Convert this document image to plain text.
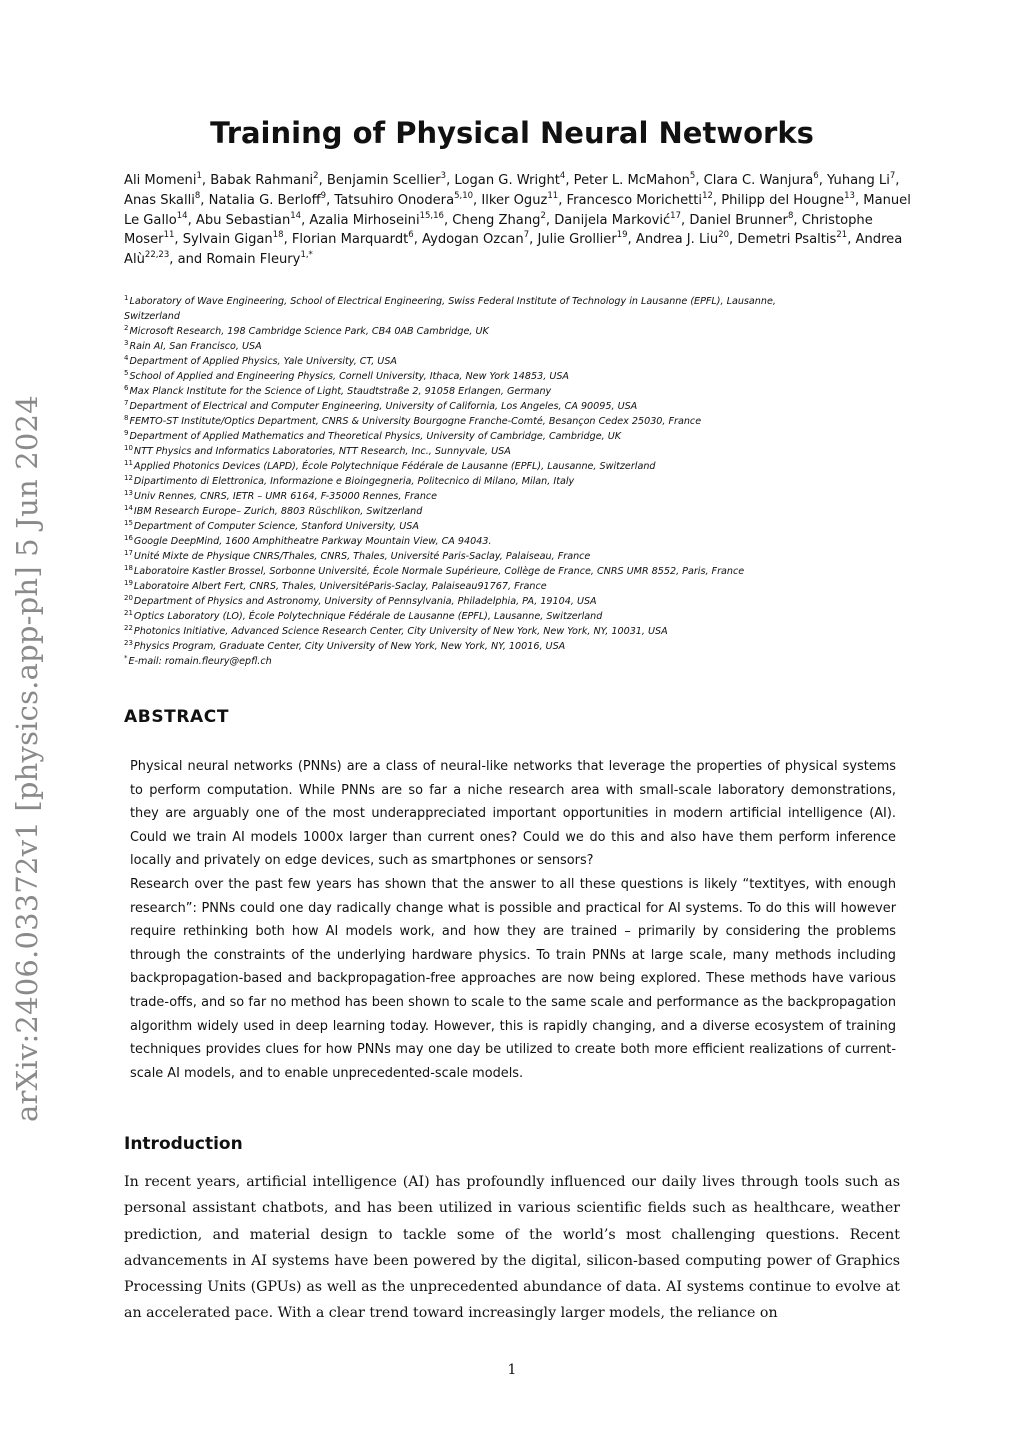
arXiv:2406.03372v1 [physics.app-ph] 5 Jun 2024
Training of Physical Neural Networks
Ali Momeni$^1$, Babak Rahmani$^2$, Benjamin Scellier$^3$, Logan G. Wright$^4$, Peter L. McMahon$^5$, Clara C. Wanjura$^6$, Yuhang Li$^7$, Anas Skalli$^8$, Natalia G. Berloff$^9$, Tatsuhiro Onodera$^{5,10}$, Ilker Oguz$^{11}$, Francesco Morichetti$^{12}$, Philipp del Hougne$^{13}$, Manuel Le Gallo$^{14}$, Abu Sebastian$^{14}$, Azalia Mirhoseini$^{15,16}$, Cheng Zhang$^2$, Danijela Marković$^{17}$, Daniel Brunner$^8$, Christophe Moser$^{11}$, Sylvain Gigan$^{18}$, Florian Marquardt$^6$, Aydogan Ozcan$^7$, Julie Grollier$^{19}$, Andrea J. Liu$^{20}$, Demetri Psaltis$^{21}$, Andrea Alù$^{22,23}$, and Romain Fleury$^{1,*}$
$^1$Laboratory of Wave Engineering, School of Electrical Engineering, Swiss Federal Institute of Technology in Lausanne (EPFL), Lausanne,
Switzerland
$^2$Microsoft Research, 198 Cambridge Science Park, CB4 0AB Cambridge, UK
$^3$Rain AI, San Francisco, USA
$^4$Department of Applied Physics, Yale University, CT, USA
$^5$School of Applied and Engineering Physics, Cornell University, Ithaca, New York 14853, USA
$^6$Max Planck Institute for the Science of Light, Staudtstraße 2, 91058 Erlangen, Germany
$^7$Department of Electrical and Computer Engineering, University of California, Los Angeles, CA 90095, USA
$^8$FEMTO-ST Institute/Optics Department, CNRS & University Bourgogne Franche-Comté, Besançon Cedex 25030, France
$^9$Department of Applied Mathematics and Theoretical Physics, University of Cambridge, Cambridge, UK
$^{10}$NTT Physics and Informatics Laboratories, NTT Research, Inc., Sunnyvale, USA
$^{11}$Applied Photonics Devices (LAPD), École Polytechnique Fédérale de Lausanne (EPFL), Lausanne, Switzerland
$^{12}$Dipartimento di Elettronica, Informazione e Bioingegneria, Politecnico di Milano, Milan, Italy
$^{13}$Univ Rennes, CNRS, IETR – UMR 6164, F-35000 Rennes, France
$^{14}$IBM Research Europe– Zurich, 8803 Rüschlikon, Switzerland
$^{15}$Department of Computer Science, Stanford University, USA
$^{16}$Google DeepMind, 1600 Amphitheatre Parkway Mountain View, CA 94043.
$^{17}$Unité Mixte de Physique CNRS/Thales, CNRS, Thales, Université Paris-Saclay, Palaiseau, France
$^{18}$Laboratoire Kastler Brossel, Sorbonne Université, École Normale Supérieure, Collège de France, CNRS UMR 8552, Paris, France
$^{19}$Laboratoire Albert Fert, CNRS, Thales, UniversitéParis-Saclay, Palaiseau91767, France
$^{20}$Department of Physics and Astronomy, University of Pennsylvania, Philadelphia, PA, 19104, USA
$^{21}$Optics Laboratory (LO), École Polytechnique Fédérale de Lausanne (EPFL), Lausanne, Switzerland
$^{22}$Photonics Initiative, Advanced Science Research Center, City University of New York, New York, NY, 10031, USA
$^{23}$Physics Program, Graduate Center, City University of New York, New York, NY, 10016, USA
*E-mail: romain.fleury@epfl.ch
ABSTRACT

Physical neural networks (PNNs) are a class of neural-like networks that leverage the properties of physical systems to perform computation. While PNNs are so far a niche research area with small-scale laboratory demonstrations, they are arguably one of the most underappreciated important opportunities in modern artificial intelligence (AI). Could we train AI models 1000x larger than current ones? Could we do this and also have them perform inference locally and privately on edge devices, such as smartphones or sensors?

Research over the past few years has shown that the answer to all these questions is likely “textityes, with enough research”: PNNs could one day radically change what is possible and practical for AI systems. To do this will however require rethinking both how AI models work, and how they are trained – primarily by considering the problems through the constraints of the underlying hardware physics. To train PNNs at large scale, many methods including backpropagation-based and backpropagation-free approaches are now being explored. These methods have various trade-offs, and so far no method has been shown to scale to the same scale and performance as the backpropagation algorithm widely used in deep learning today. However, this is rapidly changing, and a diverse ecosystem of training techniques provides clues for how PNNs may one day be utilized to create both more efficient realizations of current-scale AI models, and to enable unprecedented-scale models.

Introduction

In recent years, artificial intelligence (AI) has profoundly influenced our daily lives through tools such as personal assistant chatbots, and has been utilized in various scientific fields such as healthcare, weather prediction, and material design to tackle some of the world’s most challenging questions. Recent advancements in AI systems have been powered by the digital, silicon-based computing power of Graphics Processing Units (GPUs) as well as the unprecedented abundance of data. AI systems continue to evolve at an accelerated pace. With a clear trend toward increasingly larger models, the reliance on

1
